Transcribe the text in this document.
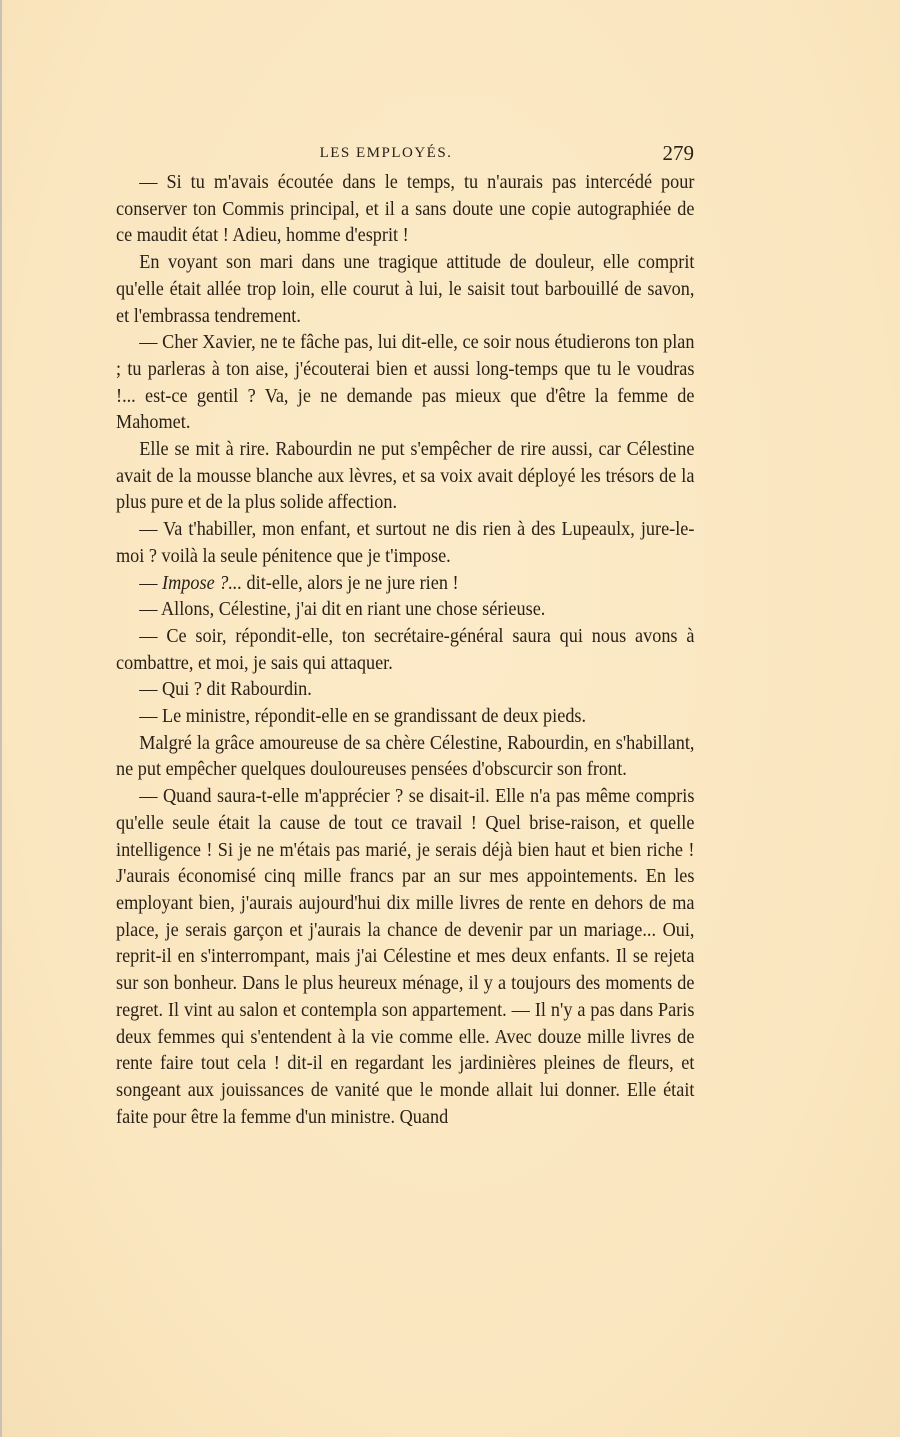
LES EMPLOYÉS.	279

— Si tu m'avais écoutée dans le temps, tu n'aurais pas intercédé pour conserver ton Commis principal, et il a sans doute une copie autographiée de ce maudit état ! Adieu, homme d'esprit !

En voyant son mari dans une tragique attitude de douleur, elle comprit qu'elle était allée trop loin, elle courut à lui, le saisit tout barbouillé de savon, et l'embrassa tendrement.

— Cher Xavier, ne te fâche pas, lui dit-elle, ce soir nous étudierons ton plan ; tu parleras à ton aise, j'écouterai bien et aussi long-temps que tu le voudras !... est-ce gentil ? Va, je ne demande pas mieux que d'être la femme de Mahomet.

Elle se mit à rire. Rabourdin ne put s'empêcher de rire aussi, car Célestine avait de la mousse blanche aux lèvres, et sa voix avait déployé les trésors de la plus pure et de la plus solide affection.

— Va t'habiller, mon enfant, et surtout ne dis rien à des Lupeaulx, jure-le-moi ? voilà la seule pénitence que je t'impose.

— Impose ?... dit-elle, alors je ne jure rien !

— Allons, Célestine, j'ai dit en riant une chose sérieuse.

— Ce soir, répondit-elle, ton secrétaire-général saura qui nous avons à combattre, et moi, je sais qui attaquer.

— Qui ? dit Rabourdin.

— Le ministre, répondit-elle en se grandissant de deux pieds.

Malgré la grâce amoureuse de sa chère Célestine, Rabourdin, en s'habillant, ne put empêcher quelques douloureuses pensées d'obscurcir son front.

— Quand saura-t-elle m'apprécier ? se disait-il. Elle n'a pas même compris qu'elle seule était la cause de tout ce travail ! Quel brise-raison, et quelle intelligence ! Si je ne m'étais pas marié, je serais déjà bien haut et bien riche ! J'aurais économisé cinq mille francs par an sur mes appointements. En les employant bien, j'aurais aujourd'hui dix mille livres de rente en dehors de ma place, je serais garçon et j'aurais la chance de devenir par un mariage... Oui, reprit-il en s'interrompant, mais j'ai Célestine et mes deux enfants. Il se rejeta sur son bonheur. Dans le plus heureux ménage, il y a toujours des moments de regret. Il vint au salon et contempla son appartement. — Il n'y a pas dans Paris deux femmes qui s'entendent à la vie comme elle. Avec douze mille livres de rente faire tout cela ! dit-il en regardant les jardinières pleines de fleurs, et songeant aux jouissances de vanité que le monde allait lui donner. Elle était faite pour être la femme d'un ministre. Quand
